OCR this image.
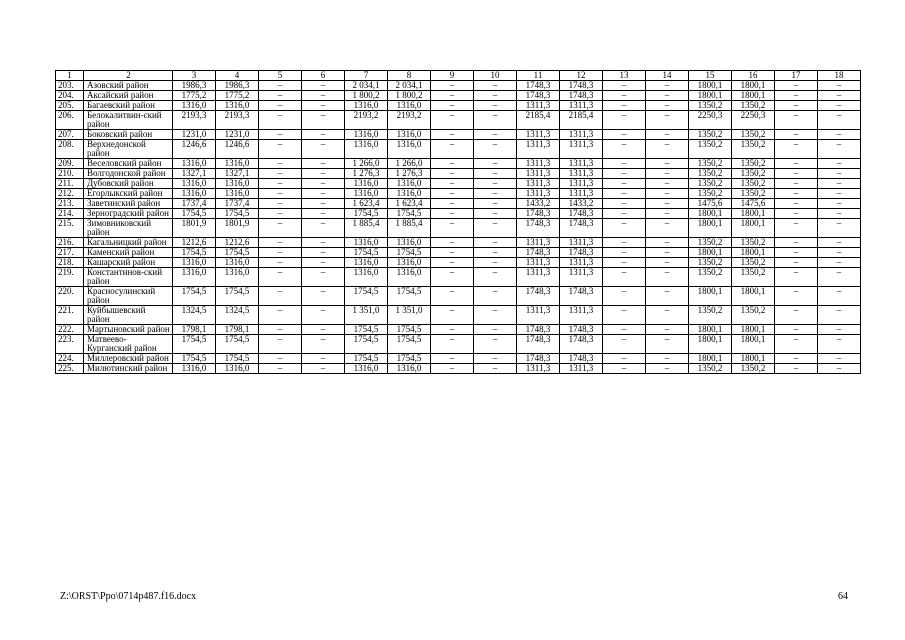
1	2	3	4	5	6	7	8	9	10	11	12	13	14	15	16	17	18
203.	Азовский район	1986,3	1986,3	–	–	2 034,1	2 034,1	–	–	1748,3	1748,3	–	–	1800,1	1800,1	–	–
204.	Аксайский район	1775,2	1775,2	–	–	1 800,2	1 800,2	–	–	1748,3	1748,3	–	–	1800,1	1800,1	–	–
205.	Багаевский район	1316,0	1316,0	–	–	1316,0	1316,0	–	–	1311,3	1311,3	–	–	1350,2	1350,2	–	–
206.	Белокалитвин-ский район	2193,3	2193,3	–	–	2193,2	2193,2	–	–	2185,4	2185,4	–	–	2250,3	2250,3	–	–
207.	Боковский район	1231,0	1231,0	–	–	1316,0	1316,0	–	–	1311,3	1311,3	–	–	1350,2	1350,2	–	–
208.	Верхнедонской район	1246,6	1246,6	–	–	1316,0	1316,0	–	–	1311,3	1311,3	–	–	1350,2	1350,2	–	–
209.	Веселовский район	1316,0	1316,0	–	–	1 266,0	1 266,0	–	–	1311,3	1311,3	–	–	1350,2	1350,2	–	–
210.	Волгодонской район	1327,1	1327,1	–	–	1 276,3	1 276,3	–	–	1311,3	1311,3	–	–	1350,2	1350,2	–	–
211.	Дубовский район	1316,0	1316,0	–	–	1316,0	1316,0	–	–	1311,3	1311,3	–	–	1350,2	1350,2	–	–
212.	Егорлыкский район	1316,0	1316,0	–	–	1316,0	1316,0	–	–	1311,3	1311,3	–	–	1350,2	1350,2	–	–
213.	Заветинский район	1737,4	1737,4	–	–	1 623,4	1 623,4	–	–	1433,2	1433,2	–	–	1475,6	1475,6	–	–
214.	Зерноградский район	1754,5	1754,5	–	–	1754,5	1754,5	–	–	1748,3	1748,3	–	–	1800,1	1800,1	–	–
215.	Зимовниковский район	1801,9	1801,9	–	–	1 885,4	1 885,4	–	–	1748,3	1748,3	–	–	1800,1	1800,1	–	–
216.	Кагальницкий район	1212,6	1212,6	–	–	1316,0	1316,0	–	–	1311,3	1311,3	–	–	1350,2	1350,2	–	–
217.	Каменский район	1754,5	1754,5	–	–	1754,5	1754,5	–	–	1748,3	1748,3	–	–	1800,1	1800,1	–	–
218.	Кашарский район	1316,0	1316,0	–	–	1316,0	1316,0	–	–	1311,3	1311,3	–	–	1350,2	1350,2	–	–
219.	Константинов-ский район	1316,0	1316,0	–	–	1316,0	1316,0	–	–	1311,3	1311,3	–	–	1350,2	1350,2	–	–
220.	Красносулинский район	1754,5	1754,5	–	–	1754,5	1754,5	–	–	1748,3	1748,3	–	–	1800,1	1800,1	–	–
221.	Куйбышевский район	1324,5	1324,5	–	–	1 351,0	1 351,0	–	–	1311,3	1311,3	–	–	1350,2	1350,2	–	–
222.	Мартыновский район	1798,1	1798,1	–	–	1754,5	1754,5	–	–	1748,3	1748,3	–	–	1800,1	1800,1	–	–
223.	Матвеево-Курганский район	1754,5	1754,5	–	–	1754,5	1754,5	–	–	1748,3	1748,3	–	–	1800,1	1800,1	–	–
224.	Миллеровский район	1754,5	1754,5	–	–	1754,5	1754,5	–	–	1748,3	1748,3	–	–	1800,1	1800,1	–	–
225.	Милютинский район	1316,0	1316,0	–	–	1316,0	1316,0	–	–	1311,3	1311,3	–	–	1350,2	1350,2	–	–
Z:\ORST\Ppo\0714p487.f16.docx	64
